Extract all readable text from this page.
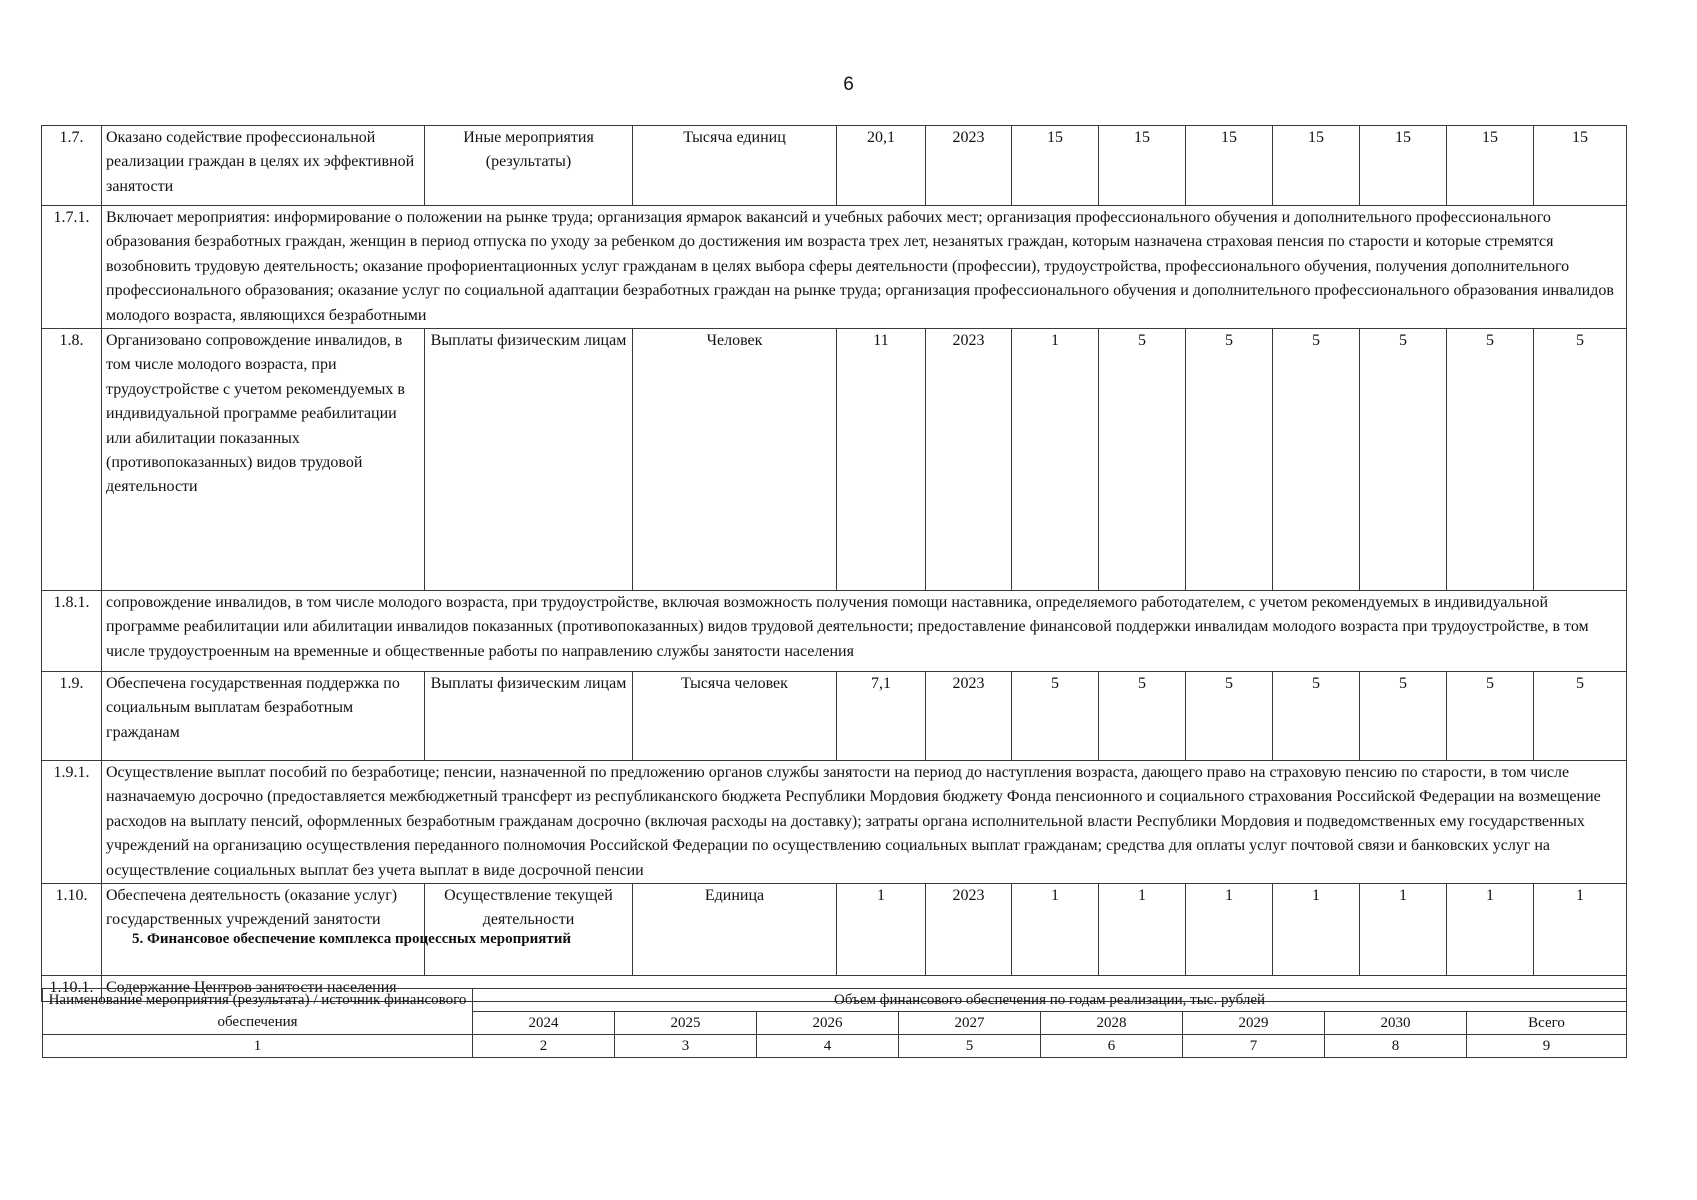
6
1.7.	Оказано содействие профессиональной реализации граждан в целях их эффективной занятости	Иные мероприятия (результаты)	Тысяча единиц	20,1	2023	15	15	15	15	15	15	15
1.7.1.	Включает мероприятия: информирование о положении на рынке труда; организация ярмарок вакансий и учебных рабочих мест; организация профессионального обучения и дополнительного профессионального образования безработных граждан, женщин в период отпуска по уходу за ребенком до достижения им возраста трех лет, незанятых граждан, которым назначена страховая пенсия по старости и которые стремятся возобновить трудовую деятельность; оказание профориентационных услуг гражданам в целях выбора сферы деятельности (профессии), трудоустройства, профессионального обучения, получения дополнительного профессионального образования; оказание услуг по социальной адаптации безработных граждан на рынке труда; организация профессионального обучения и дополнительного профессионального образования инвалидов молодого возраста, являющихся безработными											
1.8.	Организовано сопровождение инвалидов, в том числе молодого возраста, при трудоустройстве с учетом рекомендуемых в индивидуальной программе реабилитации или абилитации показанных (противопоказанных) видов трудовой деятельности	Выплаты физическим лицам	Человек	11	2023	1	5	5	5	5	5	5
1.8.1.	сопровождение инвалидов, в том числе молодого возраста, при трудоустройстве, включая возможность получения помощи наставника, определяемого работодателем, с учетом рекомендуемых в индивидуальной программе реабилитации или абилитации инвалидов показанных (противопоказанных) видов трудовой деятельности; предоставление финансовой поддержки инвалидам молодого возраста при трудоустройстве, в том числе трудоустроенным на временные и общественные работы по направлению службы занятости населения											
1.9.	Обеспечена государственная поддержка по социальным выплатам безработным гражданам	Выплаты физическим лицам	Тысяча человек	7,1	2023	5	5	5	5	5	5	5
1.9.1.	Осуществление выплат пособий по безработице; пенсии, назначенной по предложению органов службы занятости на период до наступления возраста, дающего право на страховую пенсию по старости, в том числе назначаемую досрочно (предоставляется межбюджетный трансферт из республиканского бюджета Республики Мордовия бюджету Фонда пенсионного и социального страхования Российской Федерации на возмещение расходов на выплату пенсий, оформленных безработным гражданам досрочно (включая расходы на доставку); затраты органа исполнительной власти Республики Мордовия и подведомственных ему государственных учреждений на организацию осуществления переданного полномочия Российской Федерации по осуществлению социальных выплат гражданам; средства для оплаты услуг почтовой связи и банковских услуг на осуществление социальных выплат без учета выплат в виде досрочной пенсии											
1.10.	Обеспечена деятельность (оказание услуг) государственных учреждений занятости	Осуществление текущей деятельности	Единица	1	2023	1	1	1	1	1	1	1
1.10.1.	Содержание Центров занятости населения											
5. Финансовое обеспечение комплекса процессных мероприятий
Наименование мероприятия (результата) / источник финансового обеспечения	Объем финансового обеспечения по годам реализации, тыс. рублей							
	2024	2025	2026	2027	2028	2029	2030	Всего
1	2	3	4	5	6	7	8	9
